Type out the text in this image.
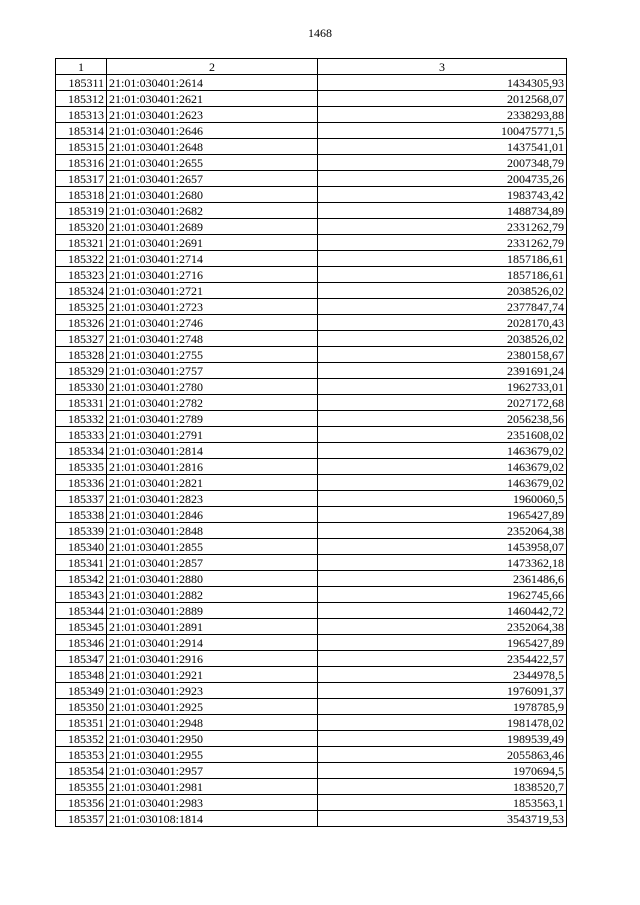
1468
1	2	3
185311	21:01:030401:2614	1434305,93
185312	21:01:030401:2621	2012568,07
185313	21:01:030401:2623	2338293,88
185314	21:01:030401:2646	100475771,5
185315	21:01:030401:2648	1437541,01
185316	21:01:030401:2655	2007348,79
185317	21:01:030401:2657	2004735,26
185318	21:01:030401:2680	1983743,42
185319	21:01:030401:2682	1488734,89
185320	21:01:030401:2689	2331262,79
185321	21:01:030401:2691	2331262,79
185322	21:01:030401:2714	1857186,61
185323	21:01:030401:2716	1857186,61
185324	21:01:030401:2721	2038526,02
185325	21:01:030401:2723	2377847,74
185326	21:01:030401:2746	2028170,43
185327	21:01:030401:2748	2038526,02
185328	21:01:030401:2755	2380158,67
185329	21:01:030401:2757	2391691,24
185330	21:01:030401:2780	1962733,01
185331	21:01:030401:2782	2027172,68
185332	21:01:030401:2789	2056238,56
185333	21:01:030401:2791	2351608,02
185334	21:01:030401:2814	1463679,02
185335	21:01:030401:2816	1463679,02
185336	21:01:030401:2821	1463679,02
185337	21:01:030401:2823	1960060,5
185338	21:01:030401:2846	1965427,89
185339	21:01:030401:2848	2352064,38
185340	21:01:030401:2855	1453958,07
185341	21:01:030401:2857	1473362,18
185342	21:01:030401:2880	2361486,6
185343	21:01:030401:2882	1962745,66
185344	21:01:030401:2889	1460442,72
185345	21:01:030401:2891	2352064,38
185346	21:01:030401:2914	1965427,89
185347	21:01:030401:2916	2354422,57
185348	21:01:030401:2921	2344978,5
185349	21:01:030401:2923	1976091,37
185350	21:01:030401:2925	1978785,9
185351	21:01:030401:2948	1981478,02
185352	21:01:030401:2950	1989539,49
185353	21:01:030401:2955	2055863,46
185354	21:01:030401:2957	1970694,5
185355	21:01:030401:2981	1838520,7
185356	21:01:030401:2983	1853563,1
185357	21:01:030108:1814	3543719,53
